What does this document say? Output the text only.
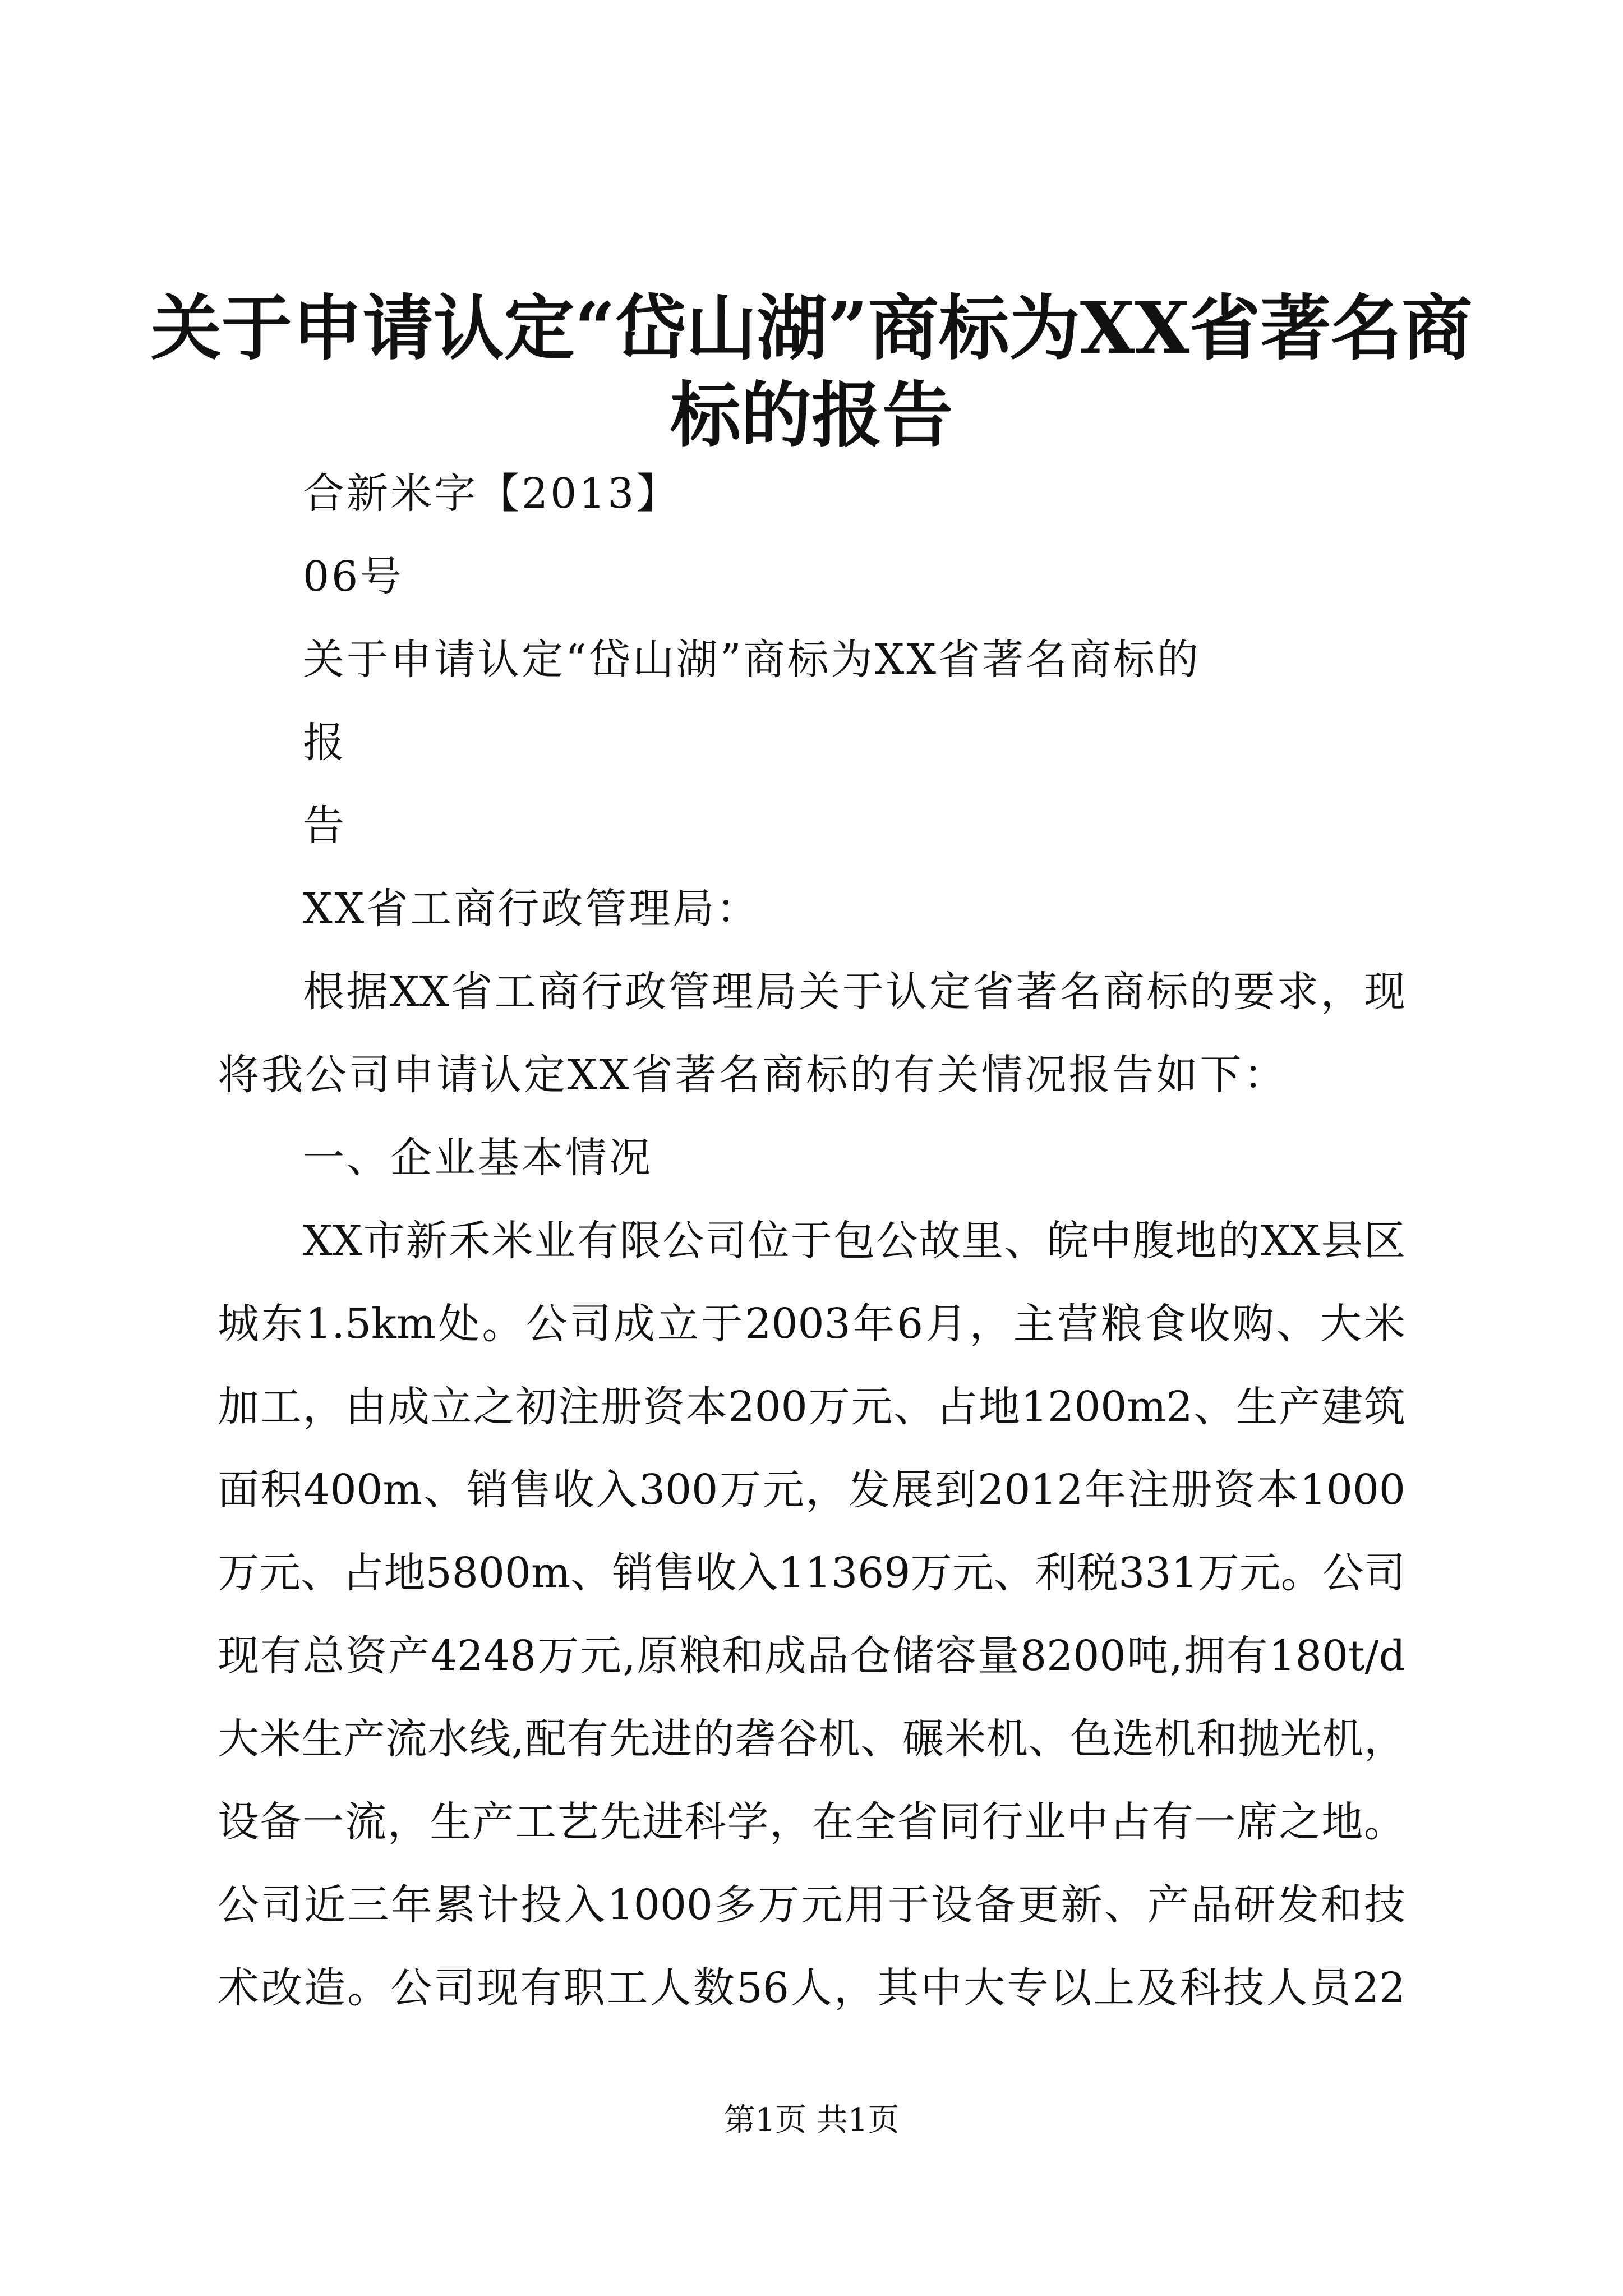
关于申请认定“岱山湖”商标为XX省著名商
标的报告
合新米字【2013】
06号
关于申请认定“岱山湖”商标为XX省著名商标的
报
告
XX省工商行政管理局：
根据XX省工商行政管理局关于认定省著名商标的要求，现
将我公司申请认定XX省著名商标的有关情况报告如下：
一、企业基本情况
XX市新禾米业有限公司位于包公故里、皖中腹地的XX县区
城东1.5km处。公司成立于2003年6月，主营粮食收购、大米
加工，由成立之初注册资本200万元、占地1200m2、生产建筑
面积400m、销售收入300万元，发展到2012年注册资本1000
万元、占地5800m、销售收入11369万元、利税331万元。公司
现有总资产4248万元,原粮和成品仓储容量8200吨,拥有180t/d
大米生产流水线,配有先进的砻谷机、碾米机、色选机和抛光机，
设备一流，生产工艺先进科学，在全省同行业中占有一席之地。
公司近三年累计投入1000多万元用于设备更新、产品研发和技
术改造。公司现有职工人数56人，其中大专以上及科技人员22
第1页 共1页
